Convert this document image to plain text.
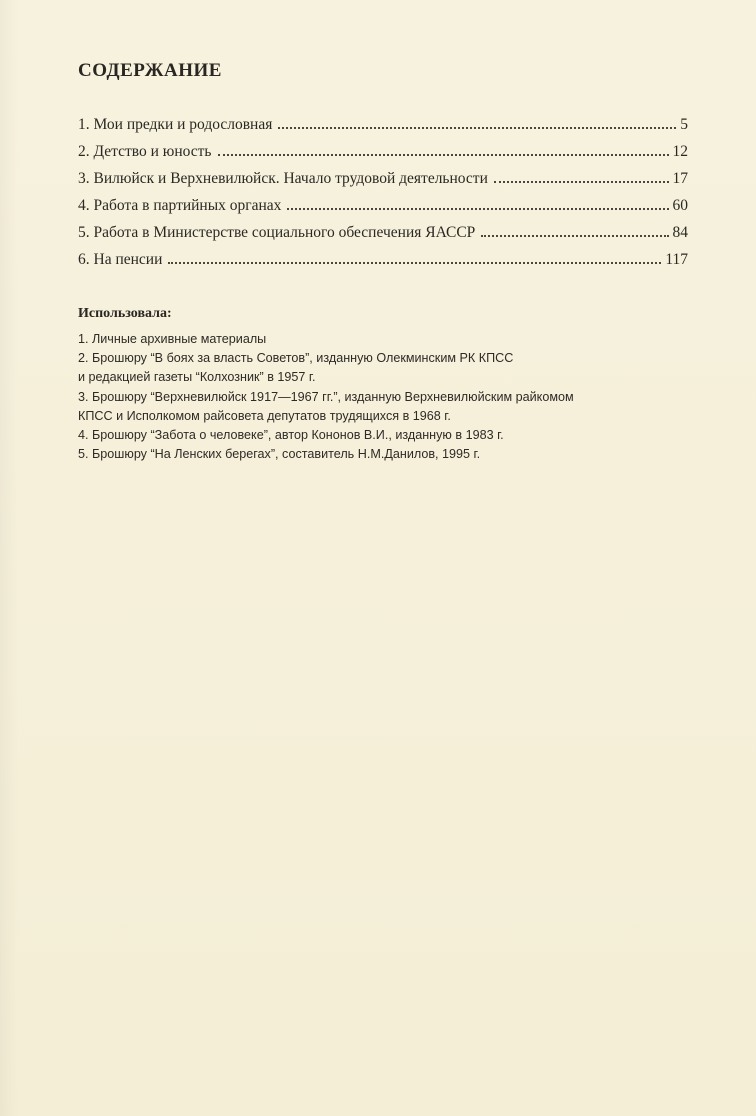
СОДЕРЖАНИЕ
1. Мои предки и родословная	5
2. Детство и юность	12
3. Вилюйск и Верхневилюйск. Начало трудовой деятельности	17
4. Работа в партийных органах	60
5. Работа в Министерстве социального обеспечения ЯАССР	84
6. На пенсии	117
Использовала:
1. Личные архивные материалы
2. Брошюру “В боях за власть Советов”, изданную Олекминским РК КПСС
и редакцией газеты “Колхозник” в 1957 г.
3. Брошюру “Верхневилюйск 1917—1967 гг.”, изданную Верхневилюйским райкомом
КПСС и Исполкомом райсовета депутатов трудящихся в 1968 г.
4. Брошюру “Забота о человеке”, автор Кононов В.И., изданную в 1983 г.
5. Брошюру “На Ленских берегах”, составитель Н.М.Данилов, 1995 г.
